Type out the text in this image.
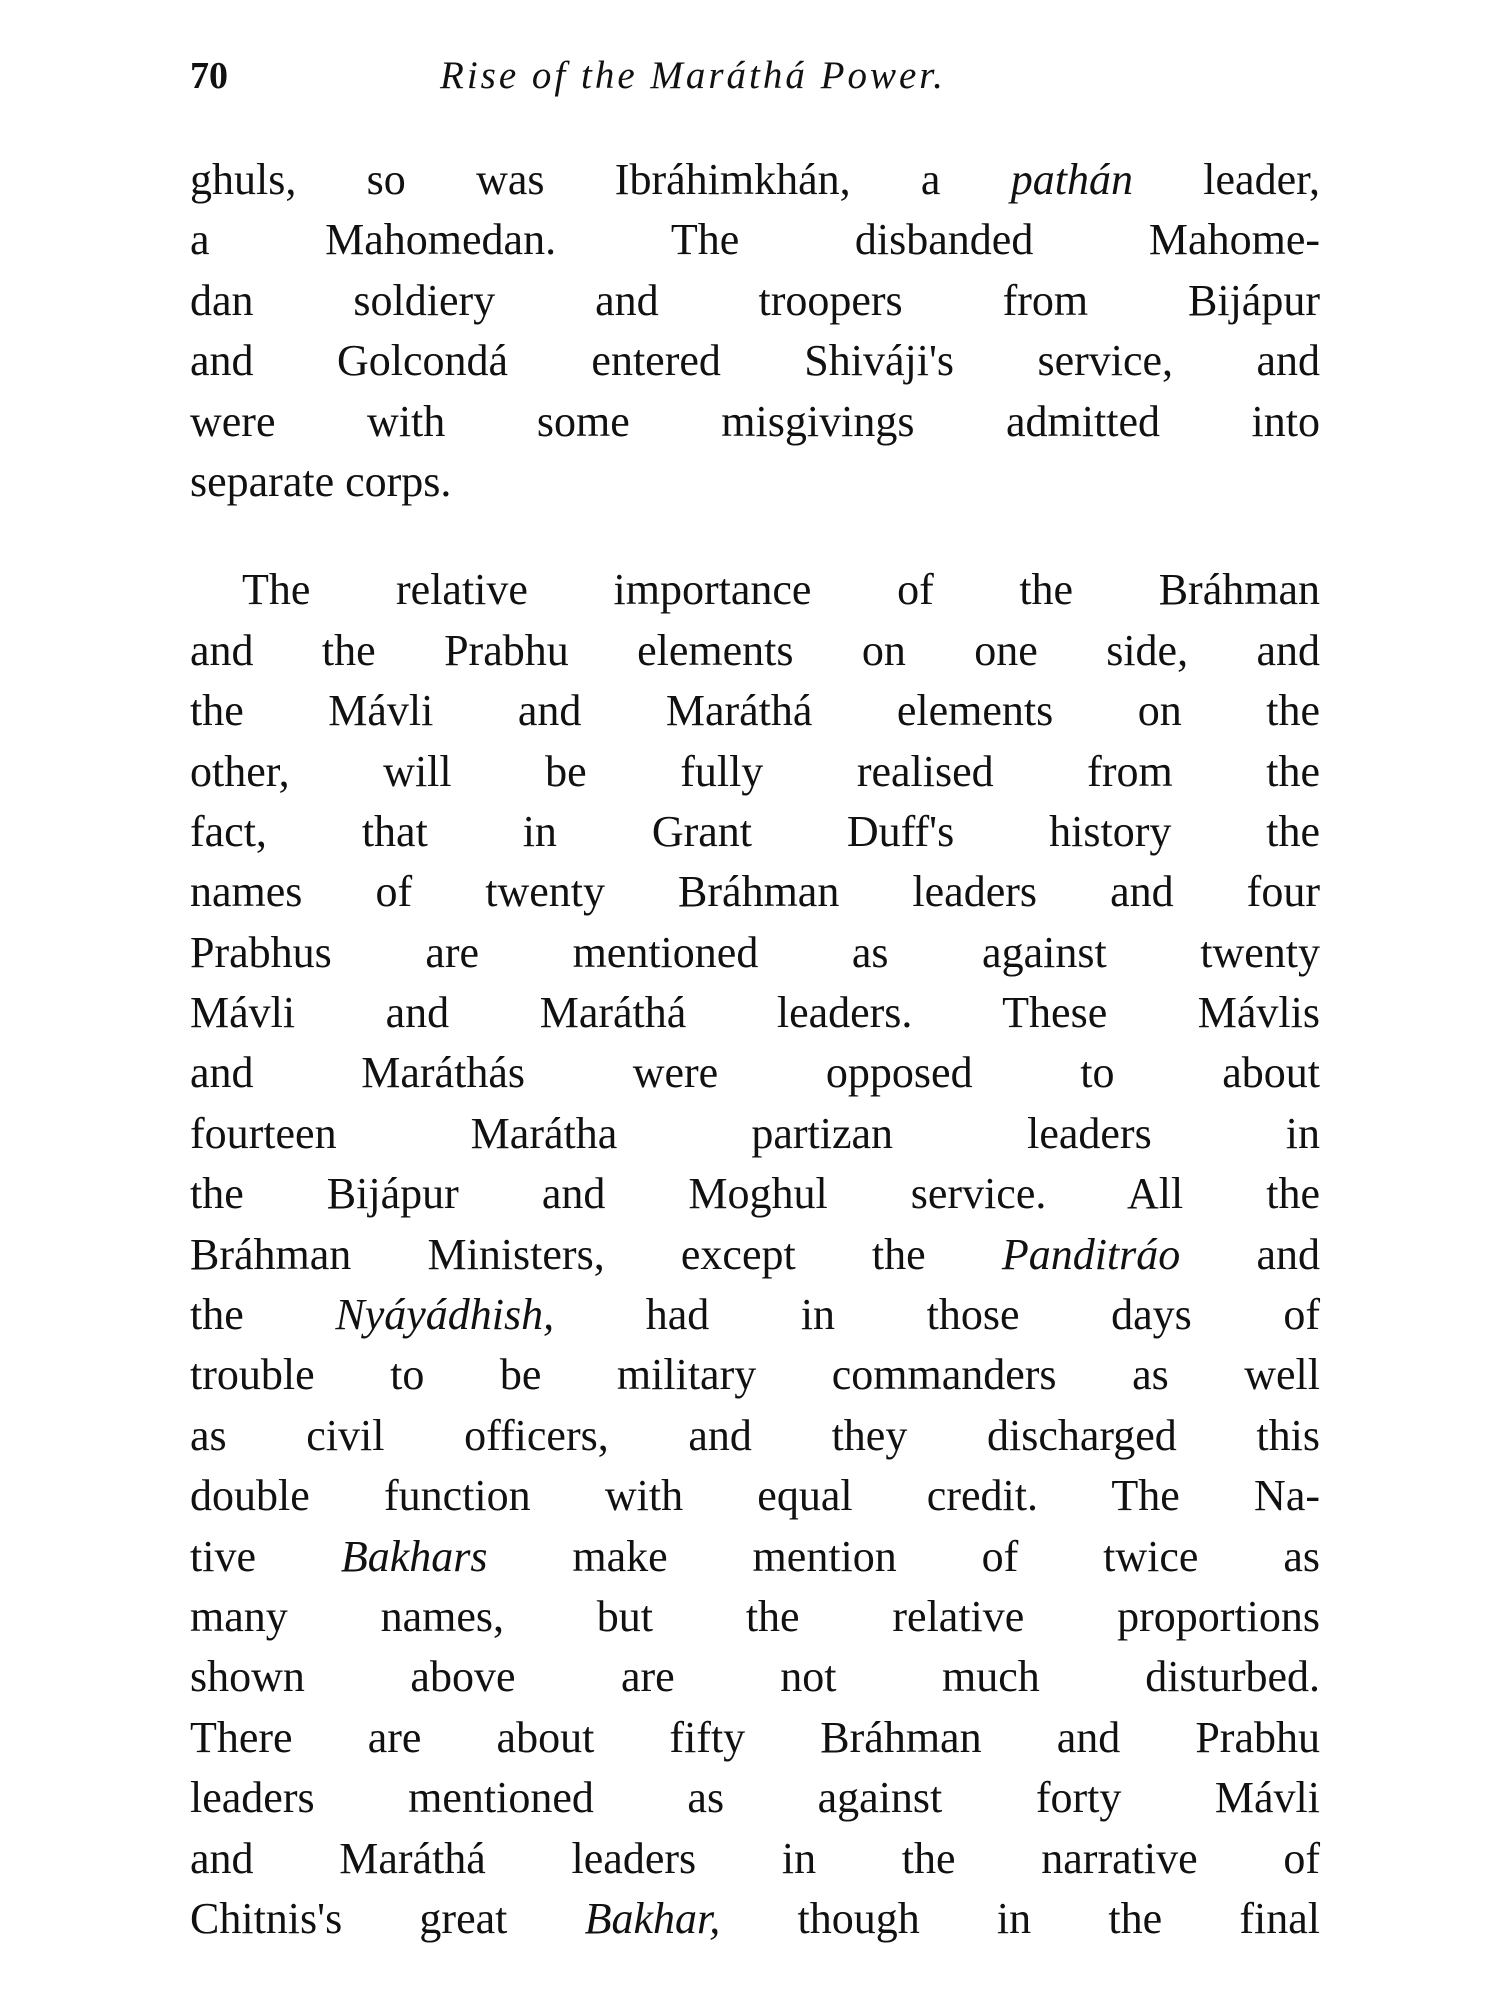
70	Rise of the Maráthá Power.
ghuls, so was Ibráhimkhán, a pathán leader,
a Mahomedan. The disbanded Mahome-
dan soldiery and troopers from Bijápur
and Golcondá entered Shiváji's service, and
were with some misgivings admitted into
separate corps.
The relative importance of the Bráhman
and the Prabhu elements on one side, and
the Mávli and Maráthá elements on the
other, will be fully realised from the
fact, that in Grant Duff's history the
names of twenty Bráhman leaders and four
Prabhus are mentioned as against twenty
Mávli and Maráthá leaders. These Mávlis
and Maráthás were opposed to about
fourteen Marátha partizan leaders in
the Bijápur and Moghul service. All the
Bráhman Ministers, except the Panditráo and
the Nyáyádhish, had in those days of
trouble to be military commanders as well
as civil officers, and they discharged this
double function with equal credit. The Na-
tive Bakhars make mention of twice as
many names, but the relative proportions
shown above are not much disturbed.
There are about fifty Bráhman and Prabhu
leaders mentioned as against forty Mávli
and Maráthá leaders in the narrative of
Chitnis's great Bakhar, though in the final
